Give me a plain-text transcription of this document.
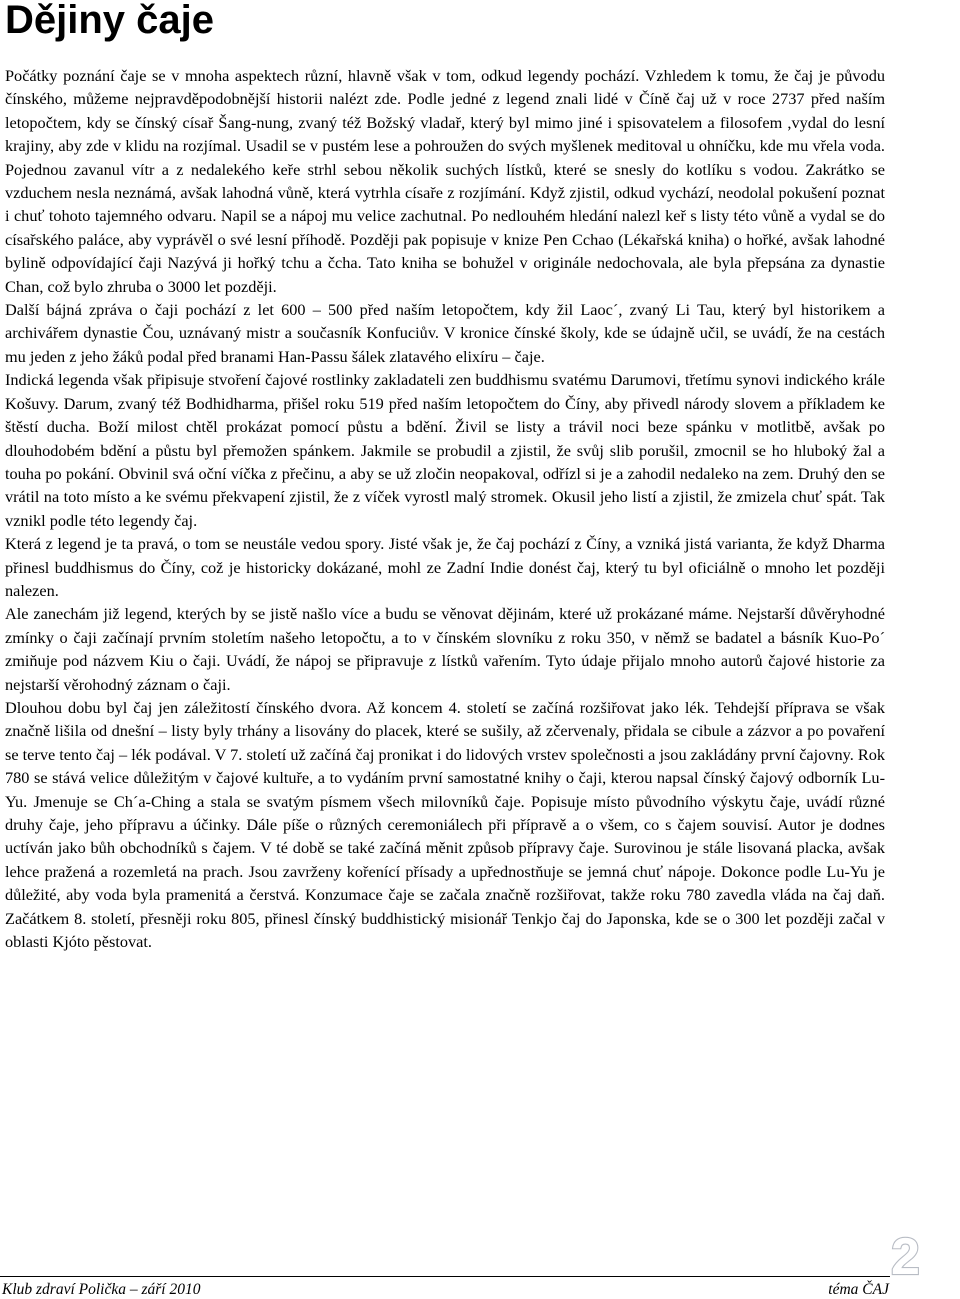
Dějiny čaje

Počátky poznání čaje se v mnoha aspektech různí, hlavně však v tom, odkud legendy pochází. Vzhledem k tomu, že čaj je původu čínského, můžeme nejpravděpodobnější historii nalézt zde. Podle jedné z legend znali lidé v Číně čaj už v roce 2737 před naším letopočtem, kdy se čínský císař Šang-nung, zvaný též Božský vladař, který byl mimo jiné i spisovatelem a filosofem ,vydal do lesní krajiny, aby zde v klidu na rozjímal. Usadil se v pustém lese a pohroužen do svých myšlenek meditoval u ohníčku, kde mu vřela voda. Pojednou zavanul vítr a z nedalekého keře strhl sebou několik suchých lístků, které se snesly do kotlíku s vodou. Zakrátko se vzduchem nesla neznámá, avšak lahodná vůně, která vytrhla císaře z rozjímání. Když zjistil, odkud vychází, neodolal pokušení poznat i chuť tohoto tajemného odvaru. Napil se a nápoj mu velice zachutnal. Po nedlouhém hledání nalezl keř s listy této vůně a vydal se do císařského paláce, aby vyprávěl o své lesní příhodě. Později pak popisuje v knize Pen Cchao (Lékařská kniha) o hořké, avšak lahodné bylině odpovídající čaji Nazývá ji hořký tchu a čcha. Tato kniha se bohužel v originále nedochovala, ale byla přepsána za dynastie Chan, což bylo zhruba o 3000 let později.

Další bájná zpráva o čaji pochází z let 600 – 500 před naším letopočtem, kdy žil Laoc´, zvaný Li Tau, který byl historikem a archivářem dynastie Čou, uznávaný mistr a současník Konfuciův. V kronice čínské školy, kde se údajně učil, se uvádí, že na cestách mu jeden z jeho žáků podal před branami Han-Passu šálek zlatavého elixíru – čaje.

Indická legenda však připisuje stvoření čajové rostlinky zakladateli zen buddhismu svatému Darumovi, třetímu synovi indického krále Košuvy. Darum, zvaný též Bodhidharma, přišel roku 519 před naším letopočtem do Číny, aby přivedl národy slovem a příkladem ke štěstí ducha. Boží milost chtěl prokázat pomocí půstu a bdění. Živil se listy a trávil noci beze spánku v motlitbě, avšak po dlouhodobém bdění a půstu byl přemožen spánkem. Jakmile se probudil a zjistil, že svůj slib porušil, zmocnil se ho hluboký žal a touha po pokání. Obvinil svá oční víčka z přečinu, a aby se už zločin neopakoval, odřízl si je a zahodil nedaleko na zem. Druhý den se vrátil na toto místo a ke svému překvapení zjistil, že z víček vyrostl malý stromek. Okusil jeho listí a zjistil, že zmizela chuť spát. Tak vznikl podle této legendy čaj.

Která z legend je ta pravá, o tom se neustále vedou spory. Jisté však je, že čaj pochází z Číny, a vzniká jistá varianta, že když Dharma přinesl buddhismus do Číny, což je historicky dokázané, mohl ze Zadní Indie donést čaj, který tu byl oficiálně o mnoho let později nalezen.

Ale zanechám již legend, kterých by se jistě našlo více a budu se věnovat dějinám, které už prokázané máme. Nejstarší důvěryhodné zmínky o čaji začínají prvním stoletím našeho letopočtu, a to v čínském slovníku z roku 350, v němž se badatel a básník Kuo-Po´ zmiňuje pod názvem Kiu o čaji. Uvádí, že nápoj se připravuje z lístků vařením. Tyto údaje přijalo mnoho autorů čajové historie za nejstarší věrohodný záznam o čaji.

Dlouhou dobu byl čaj jen záležitostí čínského dvora. Až koncem 4. století se začíná rozšiřovat jako lék. Tehdejší příprava se však značně lišila od dnešní – listy byly trhány a lisovány do placek, které se sušily, až zčervenaly, přidala se cibule a zázvor a po povaření se terve tento čaj – lék podával. V 7. století už začíná čaj pronikat i do lidových vrstev společnosti a jsou zakládány první čajovny. Rok 780 se stává velice důležitým v čajové kultuře, a to vydáním první samostatné knihy o čaji, kterou napsal čínský čajový odborník Lu-Yu. Jmenuje se Ch´a-Ching a stala se svatým písmem všech milovníků čaje. Popisuje místo původního výskytu čaje, uvádí různé druhy čaje, jeho přípravu a účinky. Dále píše o různých ceremoniálech při přípravě a o všem, co s čajem souvisí. Autor je dodnes uctíván jako bůh obchodníků s čajem. V té době se také začíná měnit způsob přípravy čaje. Surovinou je stále lisovaná placka, avšak lehce pražená a rozemletá na prach. Jsou zavrženy kořenící přísady a upřednostňuje se jemná chuť nápoje. Dokonce podle Lu-Yu je důležité, aby voda byla pramenitá a čerstvá. Konzumace čaje se začala značně rozšiřovat, takže roku 780 zavedla vláda na čaj daň. Začátkem 8. století, přesněji roku 805, přinesl čínský buddhistický misionář Tenkjo čaj do Japonska, kde se o 300 let později začal v oblasti Kjóto pěstovat.

2
Klub zdraví Polička – září 2010	téma ČAJ
